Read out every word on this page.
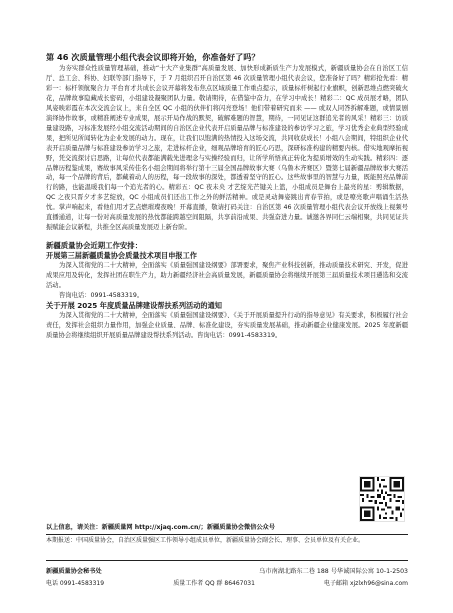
第 46 次质量管理小组代表会议即将开始，你准备好了吗？

为夯实群众性质量管理基础，推动“十大产业集群”高质量发展、加快形成新质生产力发展模式，新疆质量协会在自治区工信厅、总工会、科协、妇联等部门指导下，于 7 月组织召开自治区第 46 次质量管理小组代表会议，您准备好了吗？精彩抢先看：精彩一：标杆领航聚合力 平台育才共成长会议开幕将发布焦点区域质量工作重点提示，质量标杆树起行业旗帜，创新思维点燃突破火花，品牌故事隐藏成长密码，小组建设凝聚团队力量。敬请期待，在借鉴中奋力，在学习中成长！精彩二：QC 成员展才略，团队风姿映彩霞在本次交流会议上，来自全区 QC 小组的伙伴们将闪亮登场！他们带着研究而来 —— 或双人同答拆解难题，或情景剧演绎协作故事，或精准阐述专业成果，展示开局作战的默契，破解难题的智慧，期待，一同见证这群追光者的风采！精彩三：访质量建设路，习标准发展经小组交流活动期间的自治区企业代表开启质量品牌与标准建设的参访学习之旅，学习优秀企业典型经验成果，把所见所闻转化为企业发展的动力。现在，让我们以饱满的热情投入这场交流，共同收获成长！小组八会期间，特组织企业代表开启质量品牌与标准建设参访学习之旅，走进标杆企业，细观品牌培育的匠心巧思，深研标准构建的精要内核。借实地观摩拓视野，凭交流探讨启思路，让每位代表都能满载先进理念与实操经验而归，让所学所悟真正转化为提质增效的生动实践。精彩四：逐品牌历程鉴成果，赛故事风采传佳名小组会期间将举行第十三届全国品牌故事大赛（乌鲁木齐赛区）暨第七届新疆品牌故事大赛活动，每一个品牌的背后，都藏着动人的历程，每一段故事的深处，都透着坚守的匠心。这些故事里的智慧与力量，既能照亮品牌前行的路，也能温暖我们每一个追光者的心。精彩五：QC 夜未央 才艺绽光芒键关上篮，小组成员是舞台上最亮的星：剪辑数据，QC 之夜只晋夕才多艺绽放，QC 小组成员们还出工作之外的鲜活精神。或是灵动舞姿跳出青春节拍，或是嘹亮歌声唱诵生活热忱。掌声响起来，看他们用才艺点燃璀璨夜晚！开幕直播，敬请打码关注：自治区第 46 次质量管理小组代表会议开放线上视频号直播通道，让每一份对高质量发展的热忱都能跨越空间阻隔，共享前沿成果、共强奋进力量。诚邀各界同仁云端相聚，共同见证共振赋能会议新程，共推全区高质量发展迈上新台阶。

新疆质量协会近期工作安排：

开展第三届新疆质量协会质量技术项目申报工作

为深入贯彻党的二十大精神，全面落实《质量强国建设纲要》部署要求，聚焦产业科技创新，推动质量技术研究、开发，促进成果应用及转化，发挥社团在职生产力，助力新疆经济社会高质量发展，新疆质量协会将继续开展第三届质量技术项目遴选和交流活动。
咨询电话：0991-4583319。

关于开展 2025 年度质量品牌建设帮扶系列活动的通知

为深入贯彻党的二十大精神，全面落实《质量强国建设纲要》、《关于开展质量提升行动的指导意见》有关要求，积极履行社会责任，发挥社会组织力量作用，加强企业质量、品牌、标准化建设，夯实质量发展基础，推动新疆企业健康发展。2025 年度新疆质量协会将继续组织开展质量品牌建设帮扶系列活动。咨询电话：0991-4583319。

以上信息，请关注：新疆质量网 http://xjaq.com.cn/；新疆质量协会微信公众号
本期报送：中国质量协会，自治区质量强区工作领导小组成员单位，新疆质量协会副会长、理事、会员单位及有关企业。
新疆质量协会秘书处	乌市南湖北路东二巷 188 号华诚国际公寓 10-1-2503
电话 0991-4583319	质量工作者 QQ 群 86467031	电子邮箱 xjzlxh96@sina.com
